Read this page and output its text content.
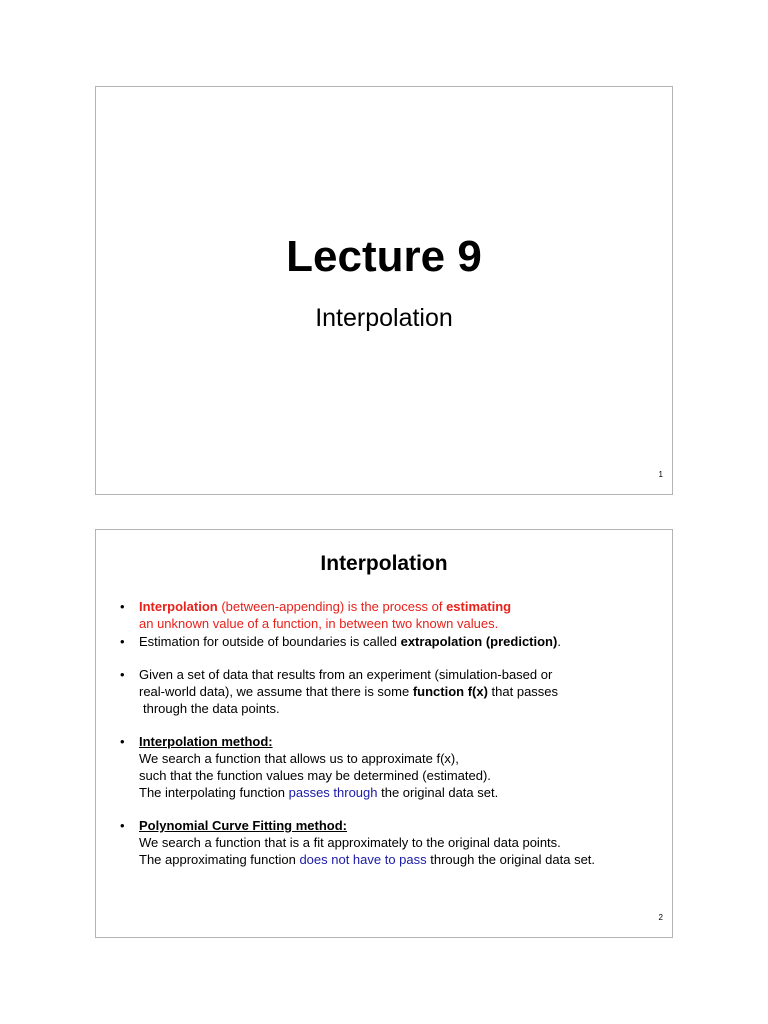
Lecture 9

Interpolation

1
Interpolation
• Interpolation (between-appending) is the process of estimating
an unknown value of a function, in between two known values.
• Estimation for outside of boundaries is called extrapolation (prediction).
• Given a set of data that results from an experiment (simulation-based or
real-world data), we assume that there is some function f(x) that passes
through the data points.
• Interpolation method:
We search a function that allows us to approximate f(x),
such that the function values may be determined (estimated).
The interpolating function passes through the original data set.
• Polynomial Curve Fitting method:
We search a function that is a fit approximately to the original data points.
The approximating function does not have to pass through the original data set.
2
